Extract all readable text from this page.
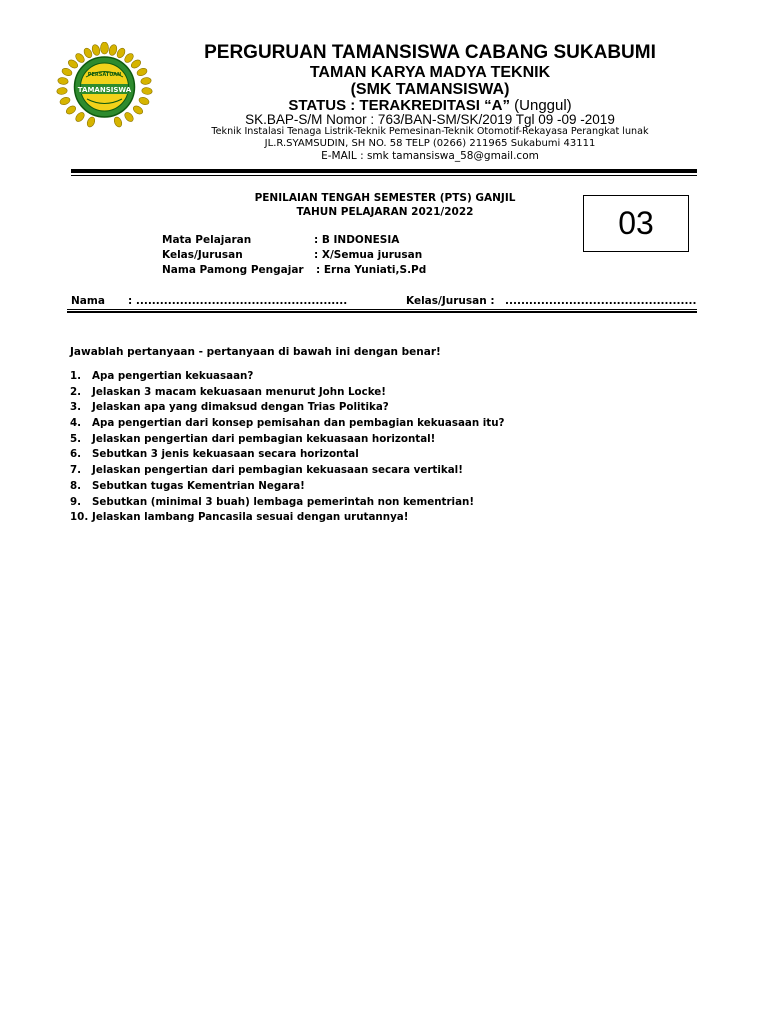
PERSATUAN
TAMANSISWA
PERGURUAN TAMANSISWA CABANG SUKABUMI
TAMAN KARYA MADYA TEKNIK
(SMK TAMANSISWA)
STATUS : TERAKREDITASI “A” (Unggul)
SK.BAP-S/M Nomor : 763/BAN-SM/SK/2019 Tgl 09 -09 -2019
Teknik Instalasi Tenaga Listrik-Teknik Pemesinan-Teknik Otomotif-Rekayasa Perangkat lunak
JL.R.SYAMSUDIN, SH NO. 58 TELP (0266) 211965 Sukabumi 43111
E-MAIL : smk tamansiswa_58@gmail.com
PENILAIAN TENGAH SEMESTER (PTS) GANJIL
TAHUN PELAJARAN 2021/2022	03
Mata Pelajaran	: B INDONESIA
Kelas/Jurusan	: X/Semua jurusan
Nama Pamong Pengajar : Erna Yuniati,S.Pd
Nama : .....................................................	Kelas/Jurusan : ................................................
Jawablah pertanyaan - pertanyaan di bawah ini dengan benar!
1. Apa pengertian kekuasaan?
2. Jelaskan 3 macam kekuasaan menurut John Locke!
3. Jelaskan apa yang dimaksud dengan Trias Politika?
4. Apa pengertian dari konsep pemisahan dan pembagian kekuasaan itu?
5. Jelaskan pengertian dari pembagian kekuasaan horizontal!
6. Sebutkan 3 jenis kekuasaan secara horizontal
7. Jelaskan pengertian dari pembagian kekuasaan secara vertikal!
8. Sebutkan tugas Kementrian Negara!
9. Sebutkan (minimal 3 buah) lembaga pemerintah non kementrian!
10. Jelaskan lambang Pancasila sesuai dengan urutannya!
